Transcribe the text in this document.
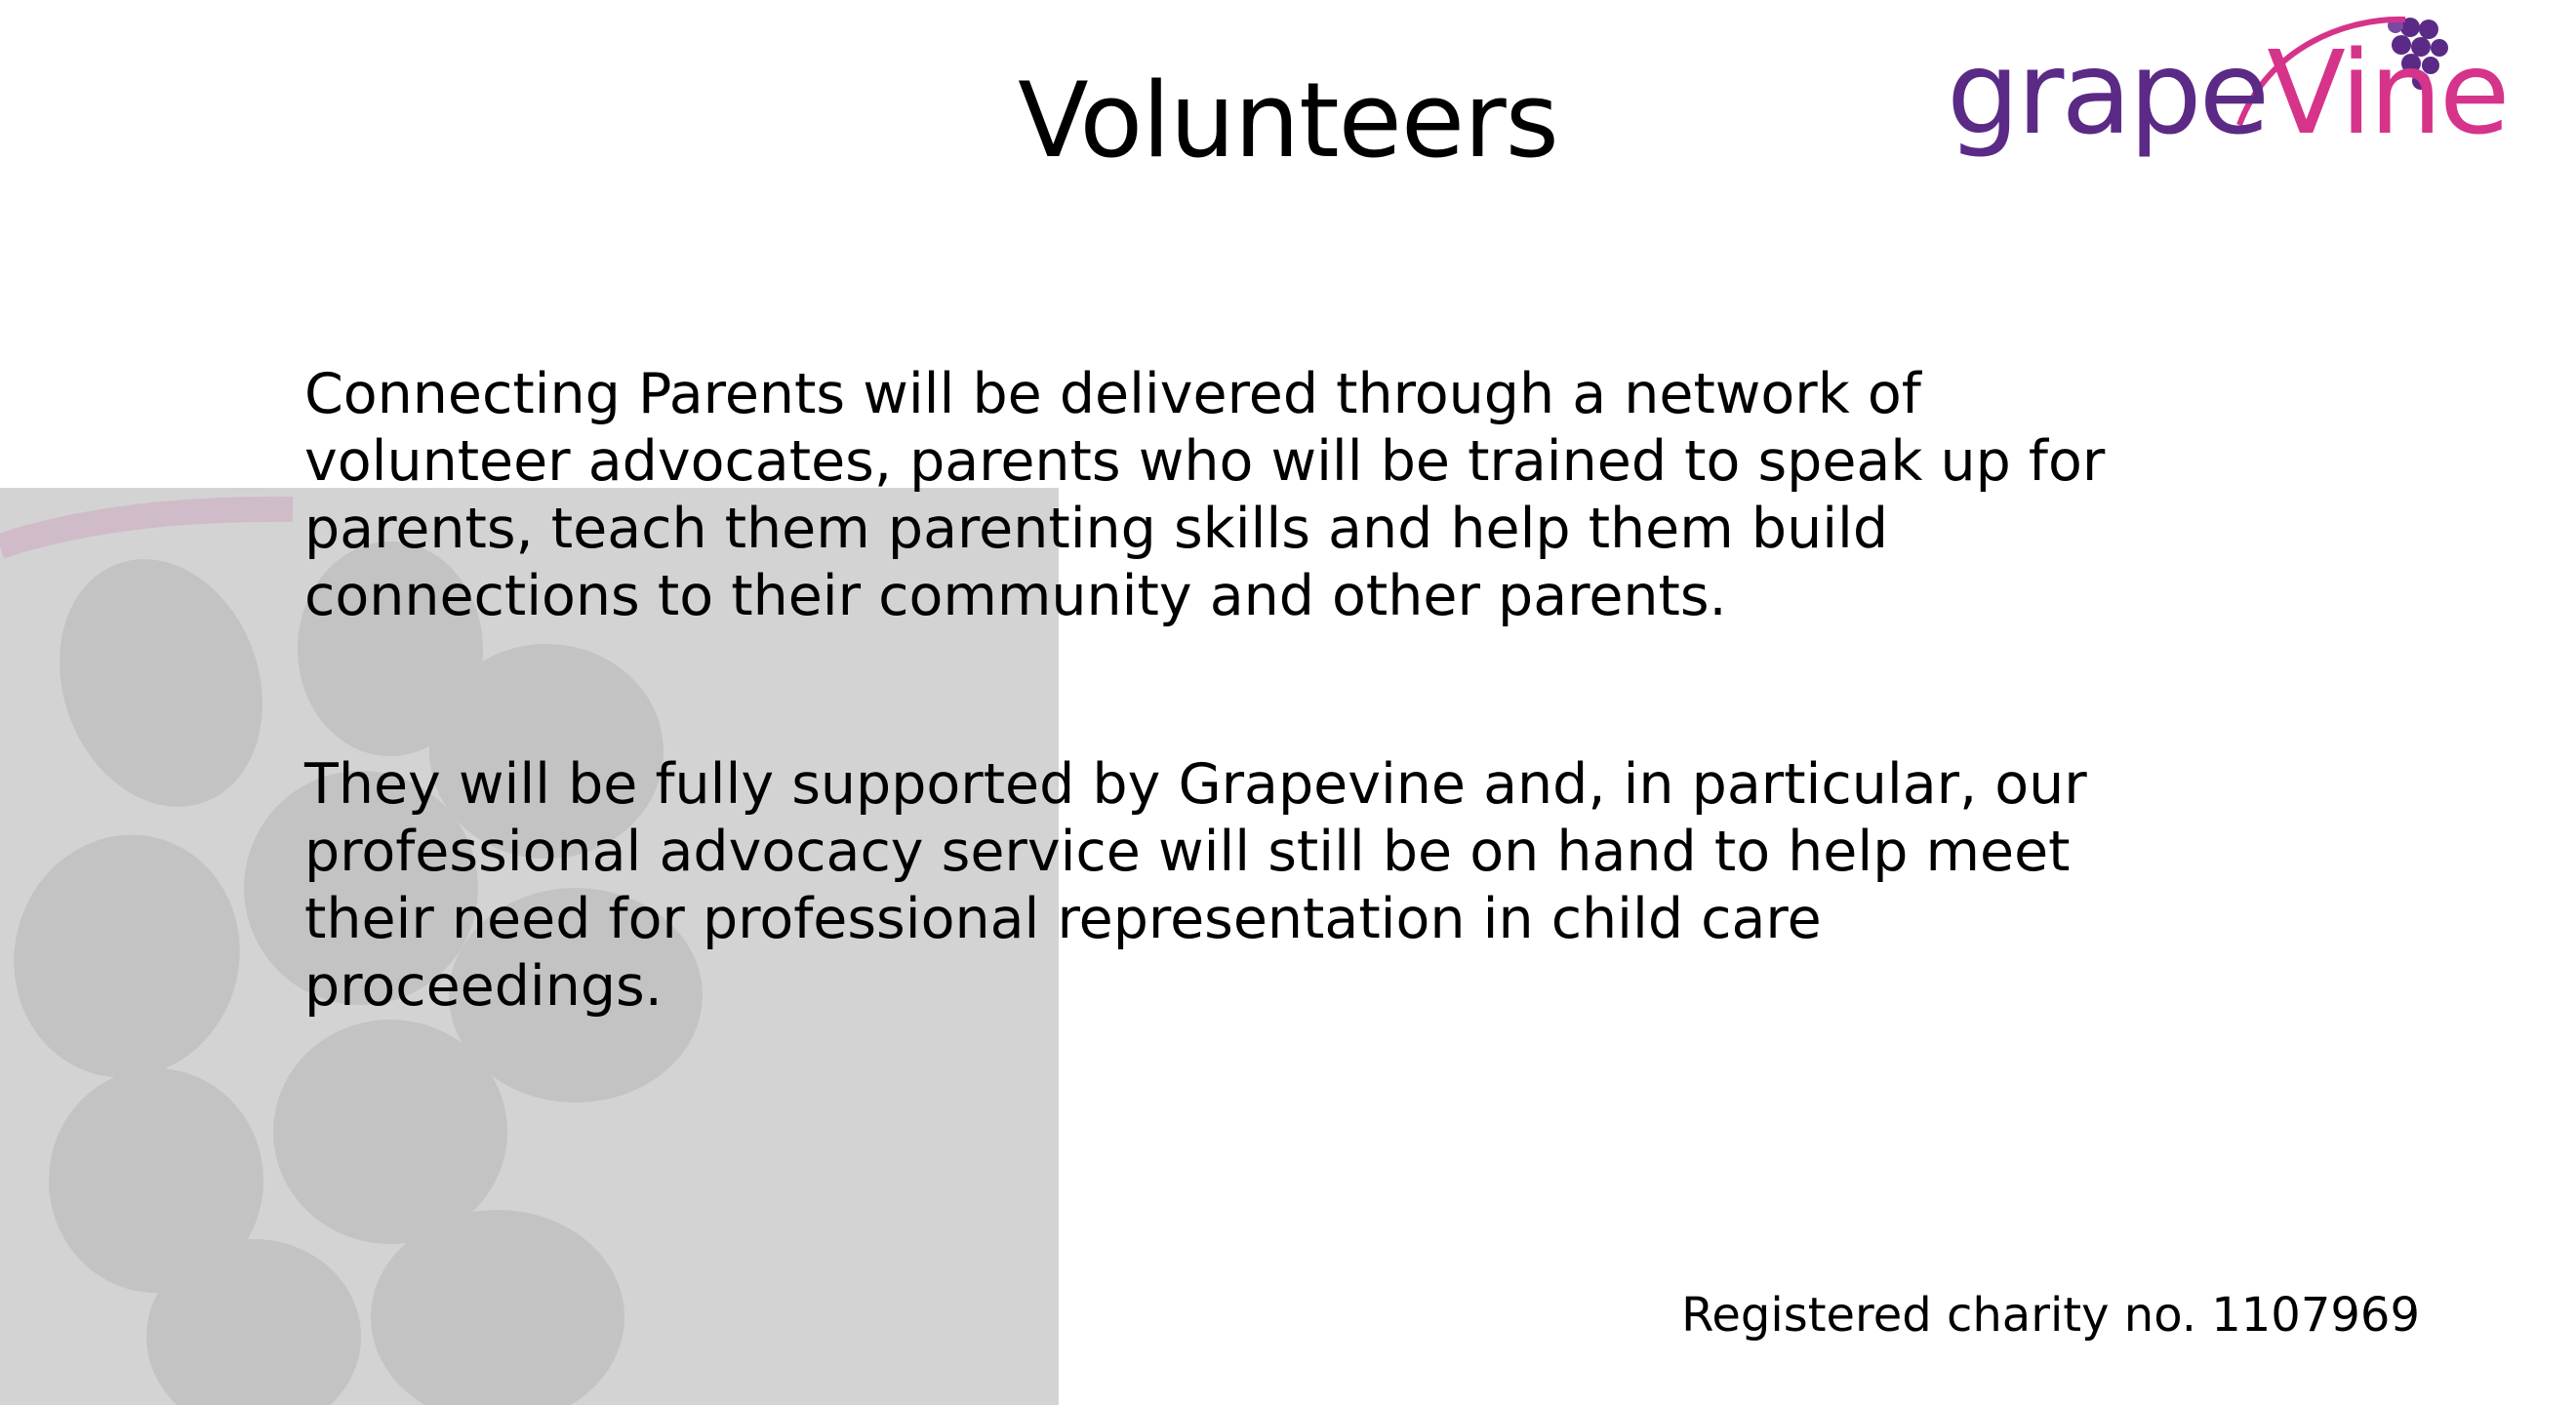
Volunteers	grapeVine

Connecting Parents will be delivered through a network of volunteer advocates, parents who will be trained to speak up for parents, teach them parenting skills and help them build connections to their community and other parents.

They will be fully supported by Grapevine and, in particular, our professional advocacy service will still be on hand to help meet their need for professional representation in child care proceedings.

Registered charity no. 1107969
